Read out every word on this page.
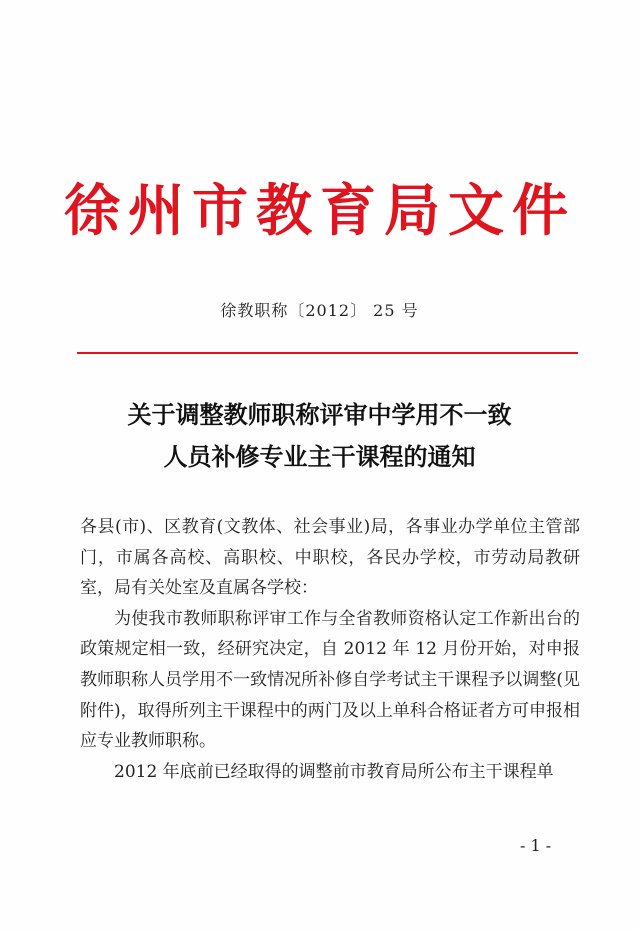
徐州市教育局文件
徐教职称〔2012〕 25 号
关于调整教师职称评审中学用不一致
人员补修专业主干课程的通知

各县(市)、区教育(文教体、社会事业)局，各事业办学单位主管部门，市属各高校、高职校、中职校，各民办学校，市劳动局教研室，局有关处室及直属各学校：

为使我市教师职称评审工作与全省教师资格认定工作新出台的政策规定相一致，经研究决定，自 2012 年 12 月份开始，对申报教师职称人员学用不一致情况所补修自学考试主干课程予以调整(见附件)，取得所列主干课程中的两门及以上单科合格证者方可申报相应专业教师职称。

2012 年底前已经取得的调整前市教育局所公布主干课程单

- 1 -
